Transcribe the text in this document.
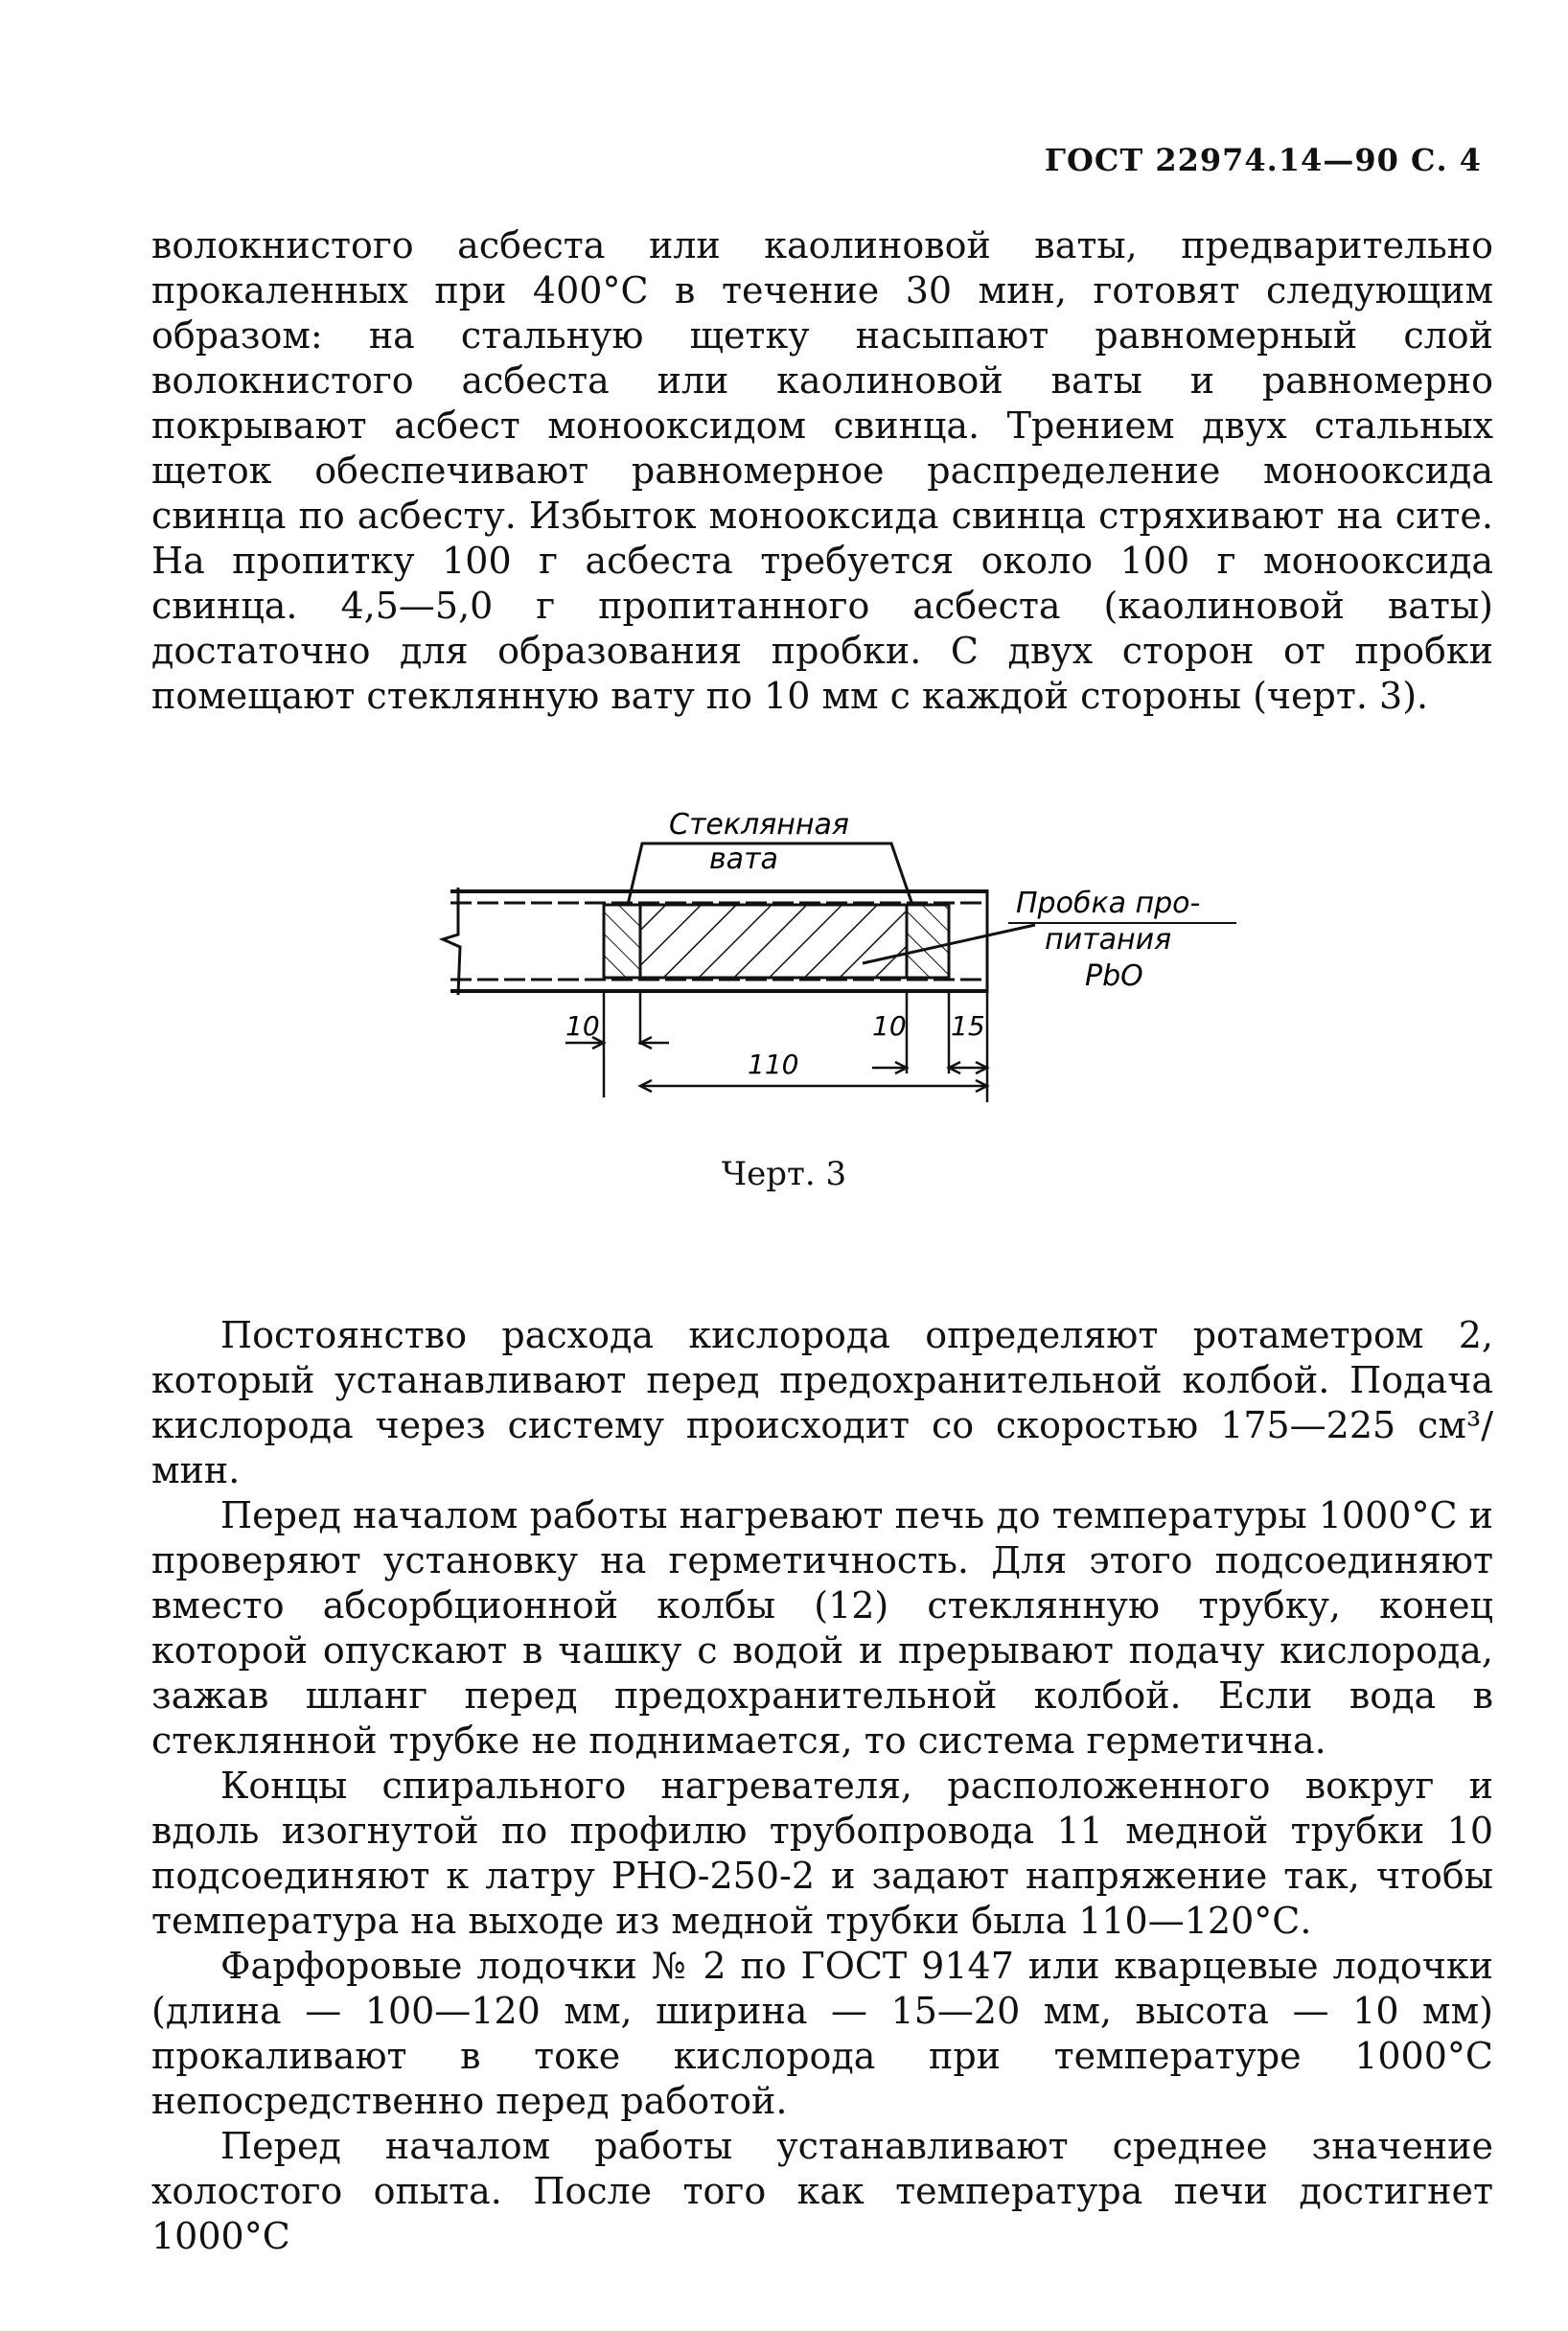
ГОСТ 22974.14—90 С. 4

волокнистого асбеста или каолиновой ваты, предварительно прокаленных при 400°С в течение 30 мин, готовят следующим образом: на стальную щетку насыпают равномерный слой волокнистого асбеста или каолиновой ваты и равномерно покрывают асбест монооксидом свинца. Трением двух стальных щеток обеспечивают равномерное распределение монооксида свинца по асбесту. Избыток монооксида свинца стряхивают на сите. На пропитку 100 г асбеста требуется около 100 г монооксида свинца. 4,5—5,0 г пропитанного асбеста (каолиновой ваты) достаточно для образования пробки. С двух сторон от пробки помещают стеклянную вату по 10 мм с каждой стороны (черт. 3).

Стеклянная
вата
Пробка про-
питания
РbО
10	10 15
110
Черт. 3

Постоянство расхода кислорода определяют ротаметром 2, который устанавливают перед предохранительной колбой. Подача кислорода через систему происходит со скоростью 175—225 см³/мин.

Перед началом работы нагревают печь до температуры 1000°С и проверяют установку на герметичность. Для этого подсоединяют вместо абсорбционной колбы (12) стеклянную трубку, конец которой опускают в чашку с водой и прерывают подачу кислорода, зажав шланг перед предохранительной колбой. Если вода в стеклянной трубке не поднимается, то система герметична.

Концы спирального нагревателя, расположенного вокруг и вдоль изогнутой по профилю трубопровода 11 медной трубки 10 подсоединяют к латру РНО-250-2 и задают напряжение так, чтобы температура на выходе из медной трубки была 110—120°С.

Фарфоровые лодочки № 2 по ГОСТ 9147 или кварцевые лодочки (длина — 100—120 мм, ширина — 15—20 мм, высота — 10 мм) прокаливают в токе кислорода при температуре 1000°С непосредственно перед работой.

Перед началом работы устанавливают среднее значение холостого опыта. После того как температура печи достигнет 1000°С
